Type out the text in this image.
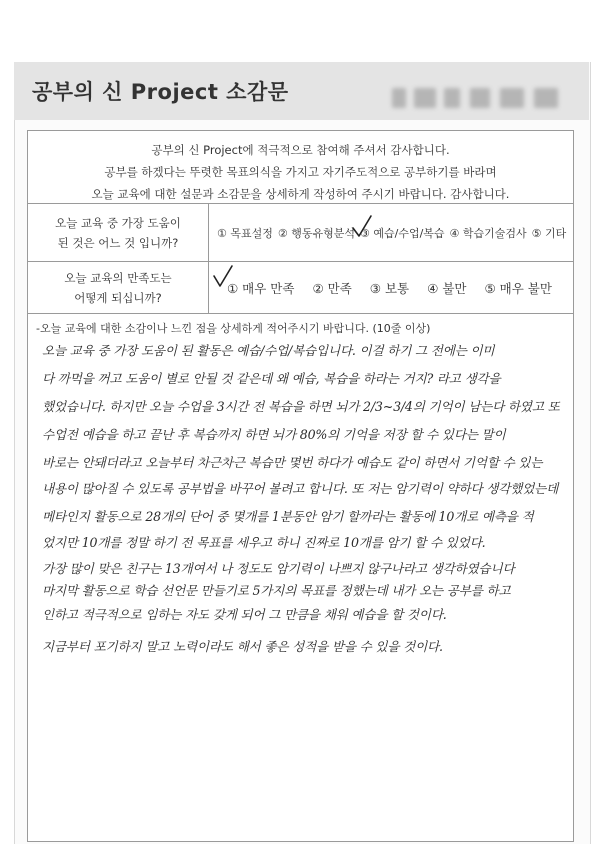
공부의 신 Project 소감문
공부의 신 Project에 적극적으로 참여해 주셔서 감사합니다.
공부를 하겠다는 뚜렷한 목표의식을 가지고 자기주도적으로 공부하기를 바라며
오늘 교육에 대한 설문과 소감문을 상세하게 작성하여 주시기 바랍니다. 감사합니다.
오늘 교육 중 가장 도움이
된 것은 어느 것 입니까?
① 목표설정 ② 행동유형분석 ③ 예습/수업/복습 ④ 학습기술검사 ⑤ 기타
오늘 교육의 만족도는
어떻게 되십니까?
① 매우 만족 ② 만족 ③ 보통 ④ 불만 ⑤ 매우 불만
-오늘 교육에 대한 소감이나 느낀 점을 상세하게 적어주시기 바랍니다. (10줄 이상)
오늘 교육 중 가장 도움이 된 활동은 예습/수업/복습입니다. 이걸 하기 그 전에는 이미
다 까먹을 꺼고 도움이 별로 안될 것 같은데 왜 예습, 복습을 하라는 거지? 라고 생각을
했었습니다. 하지만 오늘 수업을 3시간 전 복습을 하면 뇌가 2/3~3/4의 기억이 남는다 하였고 또
수업전 예습을 하고 끝난 후 복습까지 하면 뇌가 80%의 기억을 저장 할 수 있다는 말이
바로는 안돼더라고 오늘부터 차근차근 복습만 몇번 하다가 예습도 같이 하면서 기억할 수 있는
내용이 많아질 수 있도록 공부법을 바꾸어 볼려고 합니다. 또 저는 암기력이 약하다 생각했었는데
메타인지 활동으로 28개의 단어 중 몇개를 1분동안 암기 할까라는 활동에 10개로 예측을 적
었지만 10개를 정말 하기 전 목표를 세우고 하니 진짜로 10개를 암기 할 수 있었다.
가장 많이 맞은 친구는 13개여서 나 정도도 암기력이 나쁘지 않구나라고 생각하였습니다
마지막 활동으로 학습 선언문 만들기로 5가지의 목표를 정했는데 내가 오는 공부를 하고
인하고 적극적으로 임하는 자도 갖게 되어 그 만큼을 채워 예습을 할 것이다.
지금부터 포기하지 말고 노력이라도 해서 좋은 성적을 받을 수 있을 것이다.
